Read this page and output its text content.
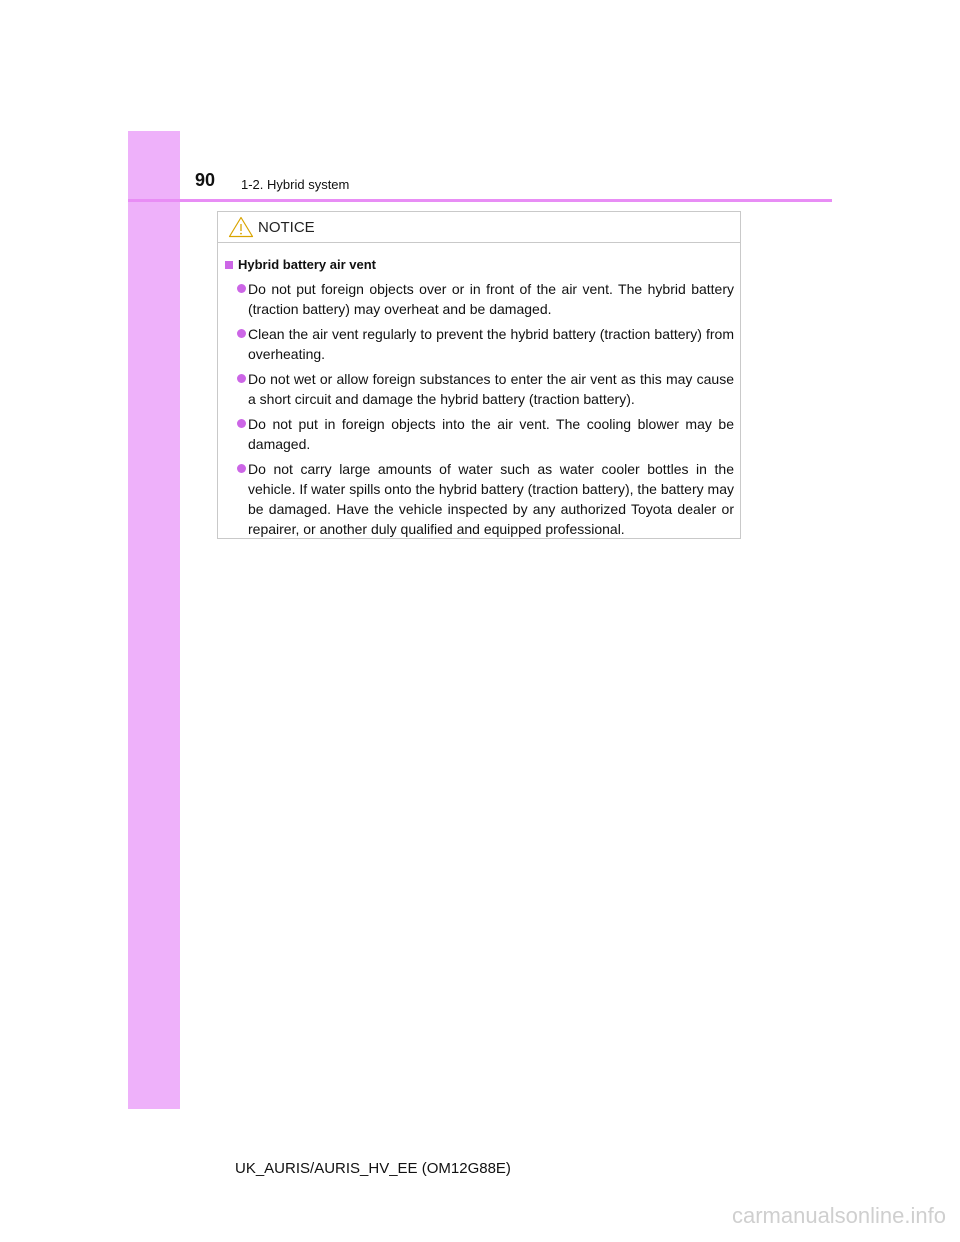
90 1-2. Hybrid system
NOTICE
Hybrid battery air vent
Do not put foreign objects over or in front of the air vent. The hybrid battery (traction battery) may overheat and be damaged.
Clean the air vent regularly to prevent the hybrid battery (traction battery) from overheating.
Do not wet or allow foreign substances to enter the air vent as this may cause a short circuit and damage the hybrid battery (traction battery).
Do not put in foreign objects into the air vent. The cooling blower may be damaged.
Do not carry large amounts of water such as water cooler bottles in the vehicle. If water spills onto the hybrid battery (traction battery), the battery may be damaged. Have the vehicle inspected by any authorized Toyota dealer or repairer, or another duly qualified and equipped professional.
UK_AURIS/AURIS_HV_EE (OM12G88E)
carmanualsonline.info
